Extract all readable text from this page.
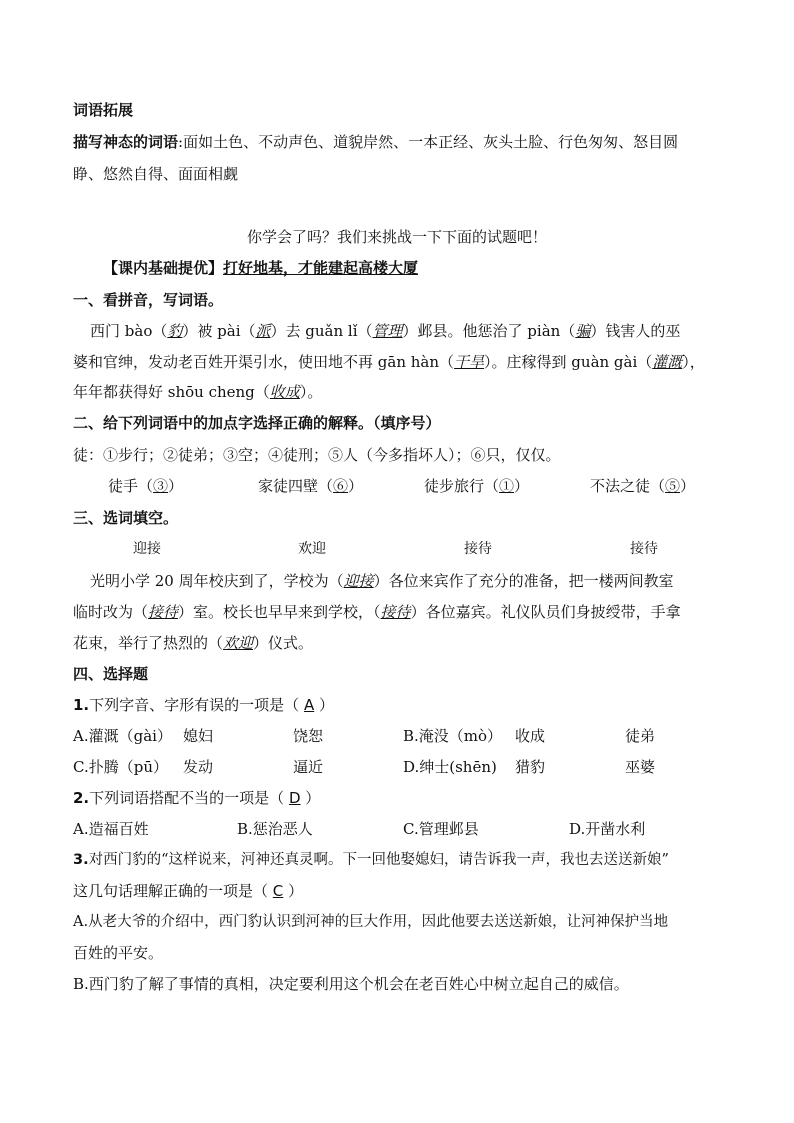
词语拓展
描写神态的词语:面如土色、不动声色、道貌岸然、一本正经、灰头土脸、行色匆匆、怒目圆
睁、悠然自得、面面相觑
你学会了吗？我们来挑战一下下面的试题吧！
【课内基础提优】打好地基，才能建起高楼大厦
一、看拼音，写词语。
西门 bào（豹）被 pài（派）去 guǎn lǐ（管理）邺县。他惩治了 piàn（骗）钱害人的巫
婆和官绅，发动老百姓开渠引水，使田地不再 gān hàn（干旱）。庄稼得到 guàn gài（灌溉），
年年都获得好 shōu cheng（收成）。
二、给下列词语中的加点字选择正确的解释。（填序号）
徒：①步行；②徒弟；③空；④徒刑；⑤人（今多指坏人）；⑥只，仅仅。
徒手（③）	家徒四壁（⑥）	徒步旅行（①）	不法之徒（⑤）
三、选词填空。
迎接	欢迎	接待	接待
光明小学 20 周年校庆到了，学校为（迎接）各位来宾作了充分的准备，把一楼两间教室
临时改为（接待）室。校长也早早来到学校，（接待）各位嘉宾。礼仪队员们身披绶带，手拿
花束，举行了热烈的（欢迎）仪式。
四、选择题
1.下列字音、字形有误的一项是（ A ）
A.灌溉（gài） 媳妇	饶恕	B.淹没（mò） 收成	徒弟
C.扑腾（pū） 发动	逼近	D.绅士(shēn) 猎豹	巫婆
2.下列词语搭配不当的一项是（ D ）
A.造福百姓	B.惩治恶人	C.管理邺县	D.开凿水利
3.对西门豹的“这样说来，河神还真灵啊。下一回他娶媳妇，请告诉我一声，我也去送送新娘”
这几句话理解正确的一项是（ C ）
A.从老大爷的介绍中，西门豹认识到河神的巨大作用，因此他要去送送新娘，让河神保护当地
百姓的平安。
B.西门豹了解了事情的真相，决定要利用这个机会在老百姓心中树立起自己的威信。
